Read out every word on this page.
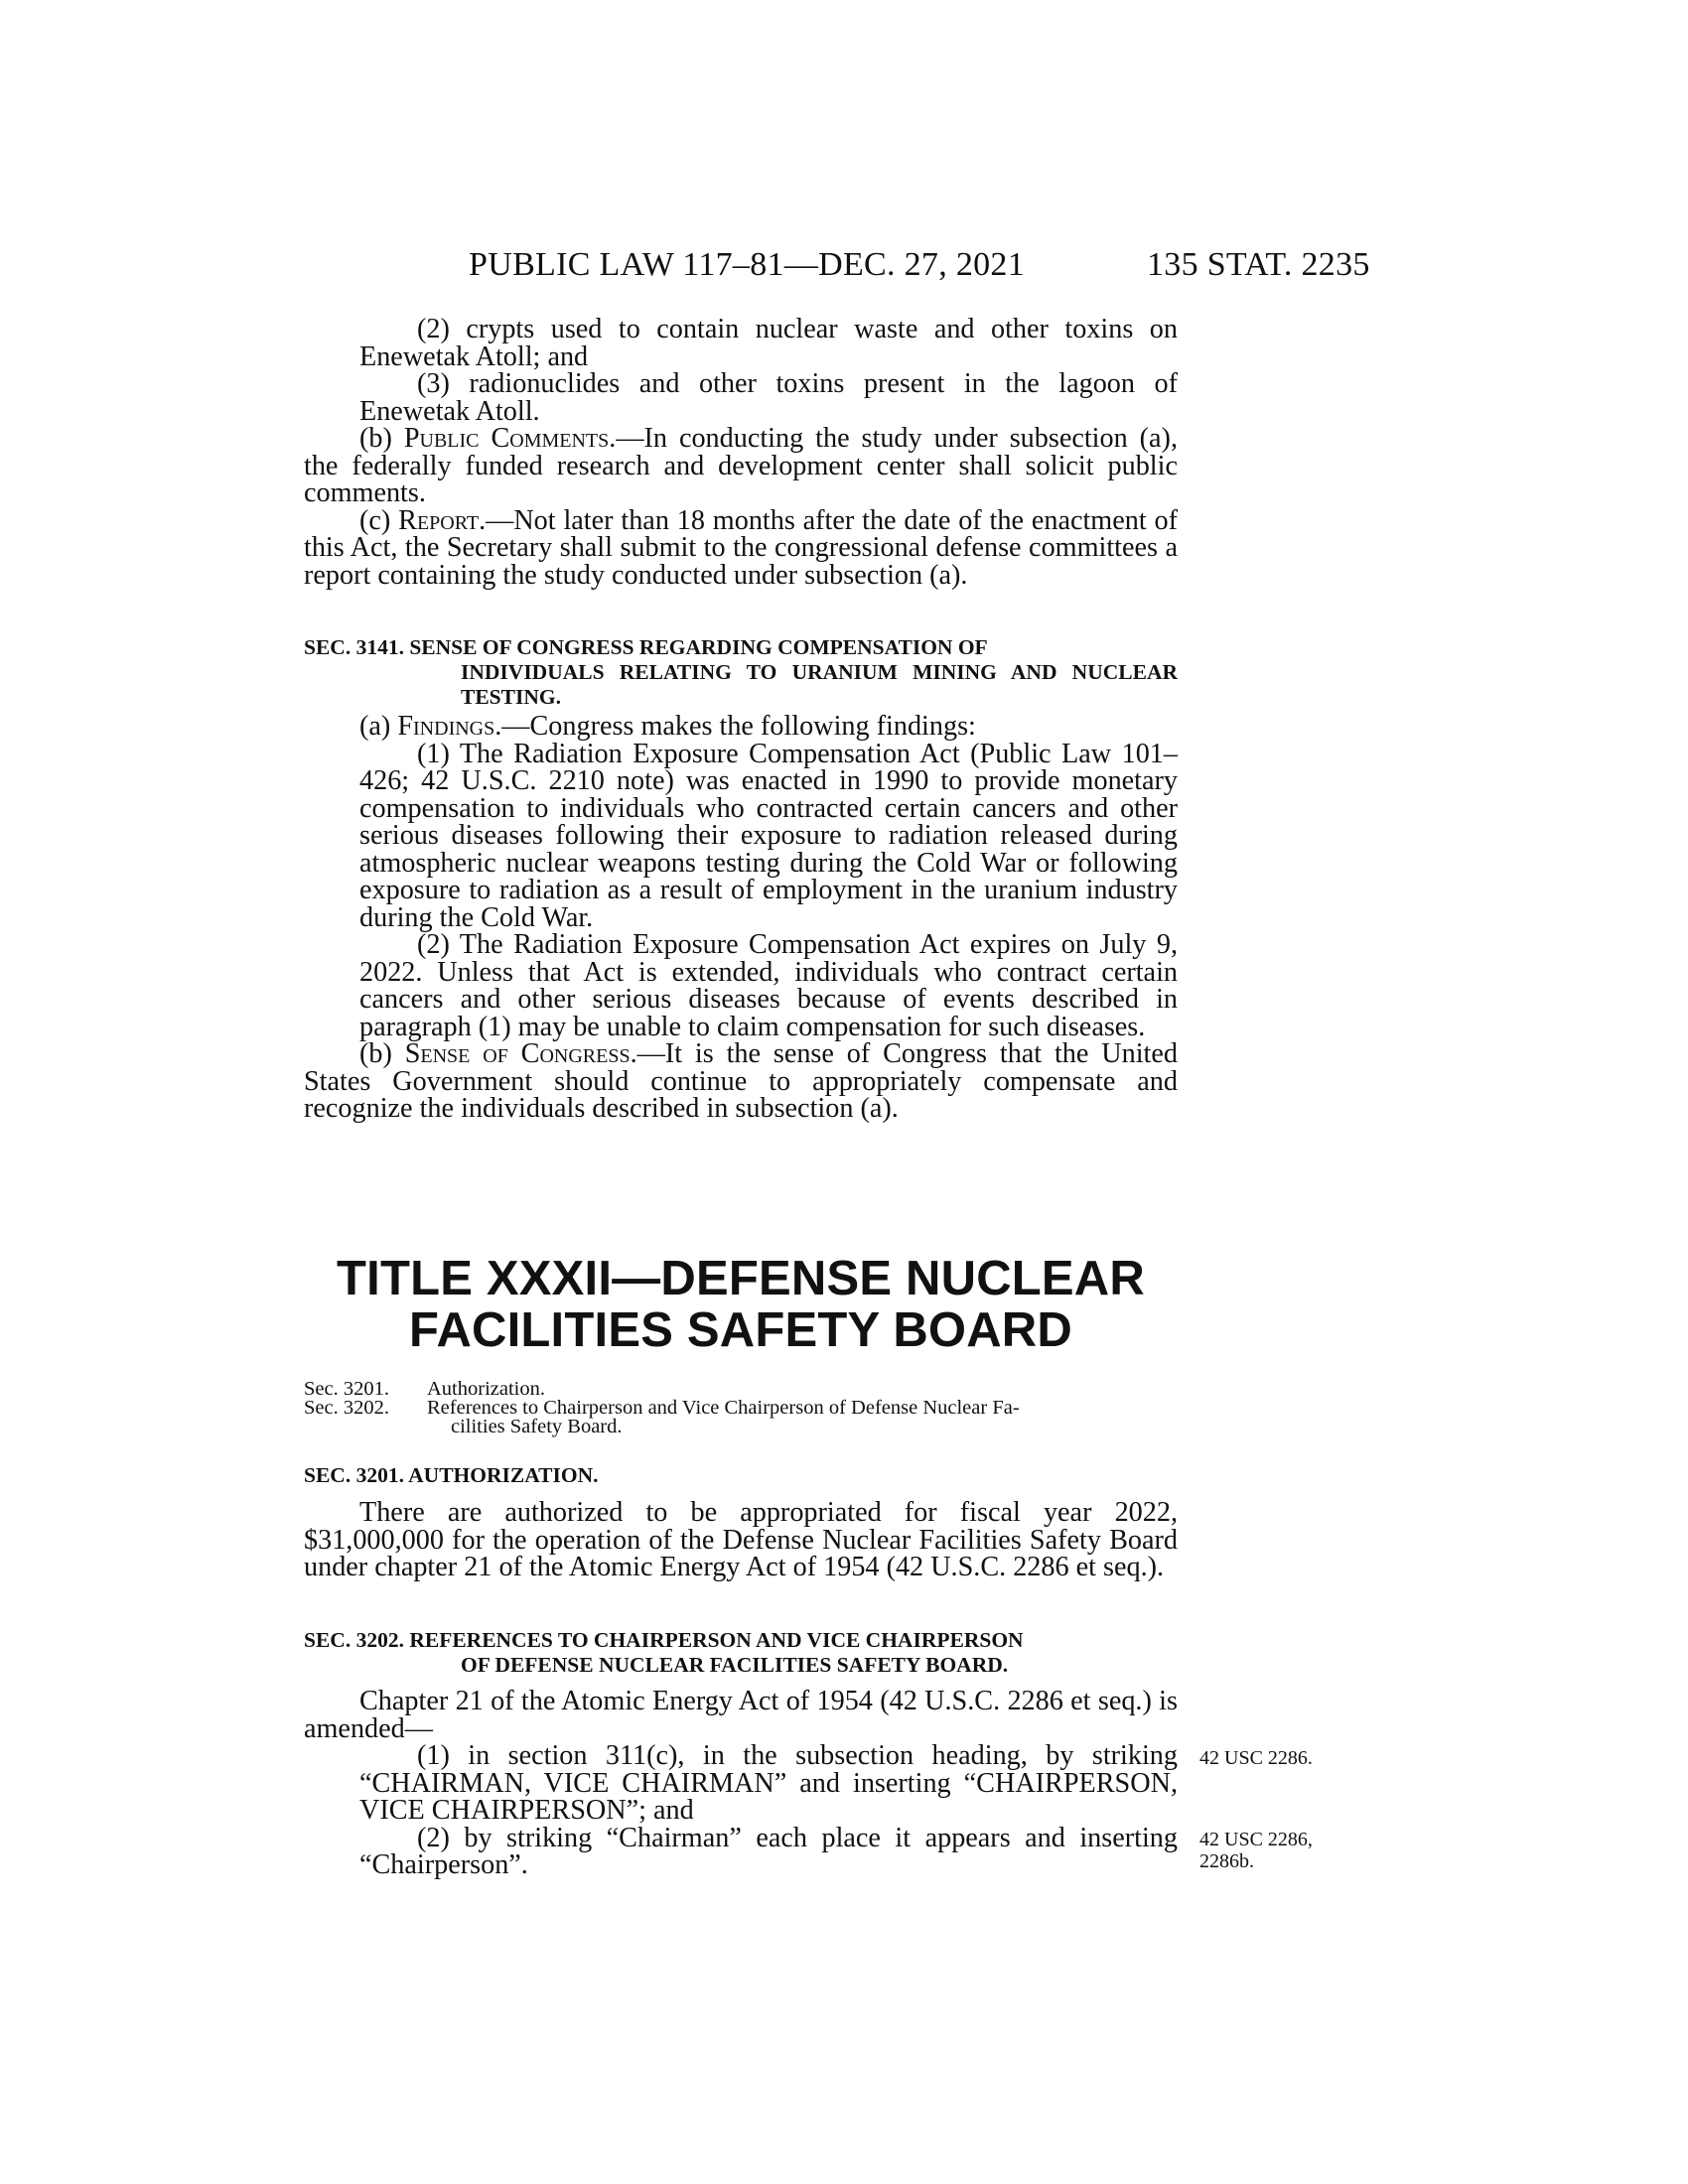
PUBLIC LAW 117–81—DEC. 27, 2021	135 STAT. 2235

(2) crypts used to contain nuclear waste and other toxins on Enewetak Atoll; and

(3) radionuclides and other toxins present in the lagoon of Enewetak Atoll.

(b) Public Comments.—In conducting the study under subsection (a), the federally funded research and development center shall solicit public comments.

(c) Report.—Not later than 18 months after the date of the enactment of this Act, the Secretary shall submit to the congressional defense committees a report containing the study conducted under subsection (a).

SEC. 3141. SENSE OF CONGRESS REGARDING COMPENSATION OF
INDIVIDUALS RELATING TO URANIUM MINING AND NUCLEAR TESTING.

(a) Findings.—Congress makes the following findings:

(1) The Radiation Exposure Compensation Act (Public Law 101–426; 42 U.S.C. 2210 note) was enacted in 1990 to provide monetary compensation to individuals who contracted certain cancers and other serious diseases following their exposure to radiation released during atmospheric nuclear weapons testing during the Cold War or following exposure to radiation as a result of employment in the uranium industry during the Cold War.

(2) The Radiation Exposure Compensation Act expires on July 9, 2022. Unless that Act is extended, individuals who contract certain cancers and other serious diseases because of events described in paragraph (1) may be unable to claim compensation for such diseases.

(b) Sense of Congress.—It is the sense of Congress that the United States Government should continue to appropriately compensate and recognize the individuals described in subsection (a).

TITLE XXXII—DEFENSE NUCLEAR
FACILITIES SAFETY BOARD
Sec. 3201.	Authorization.
Sec. 3202.	References to Chairperson and Vice Chairperson of Defense Nuclear Fa-
cilities Safety Board.
SEC. 3201. AUTHORIZATION.

There are authorized to be appropriated for fiscal year 2022, $31,000,000 for the operation of the Defense Nuclear Facilities Safety Board under chapter 21 of the Atomic Energy Act of 1954 (42 U.S.C. 2286 et seq.).

SEC. 3202. REFERENCES TO CHAIRPERSON AND VICE CHAIRPERSON
OF DEFENSE NUCLEAR FACILITIES SAFETY BOARD.

Chapter 21 of the Atomic Energy Act of 1954 (42 U.S.C. 2286 et seq.) is amended—

(1) in section 311(c), in the subsection heading, by striking “CHAIRMAN, VICE CHAIRMAN” and inserting “CHAIRPERSON, VICE CHAIRPERSON”; and

(2) by striking “Chairman” each place it appears and inserting “Chairperson”.

42 USC 2286.
42 USC 2286,
2286b.
